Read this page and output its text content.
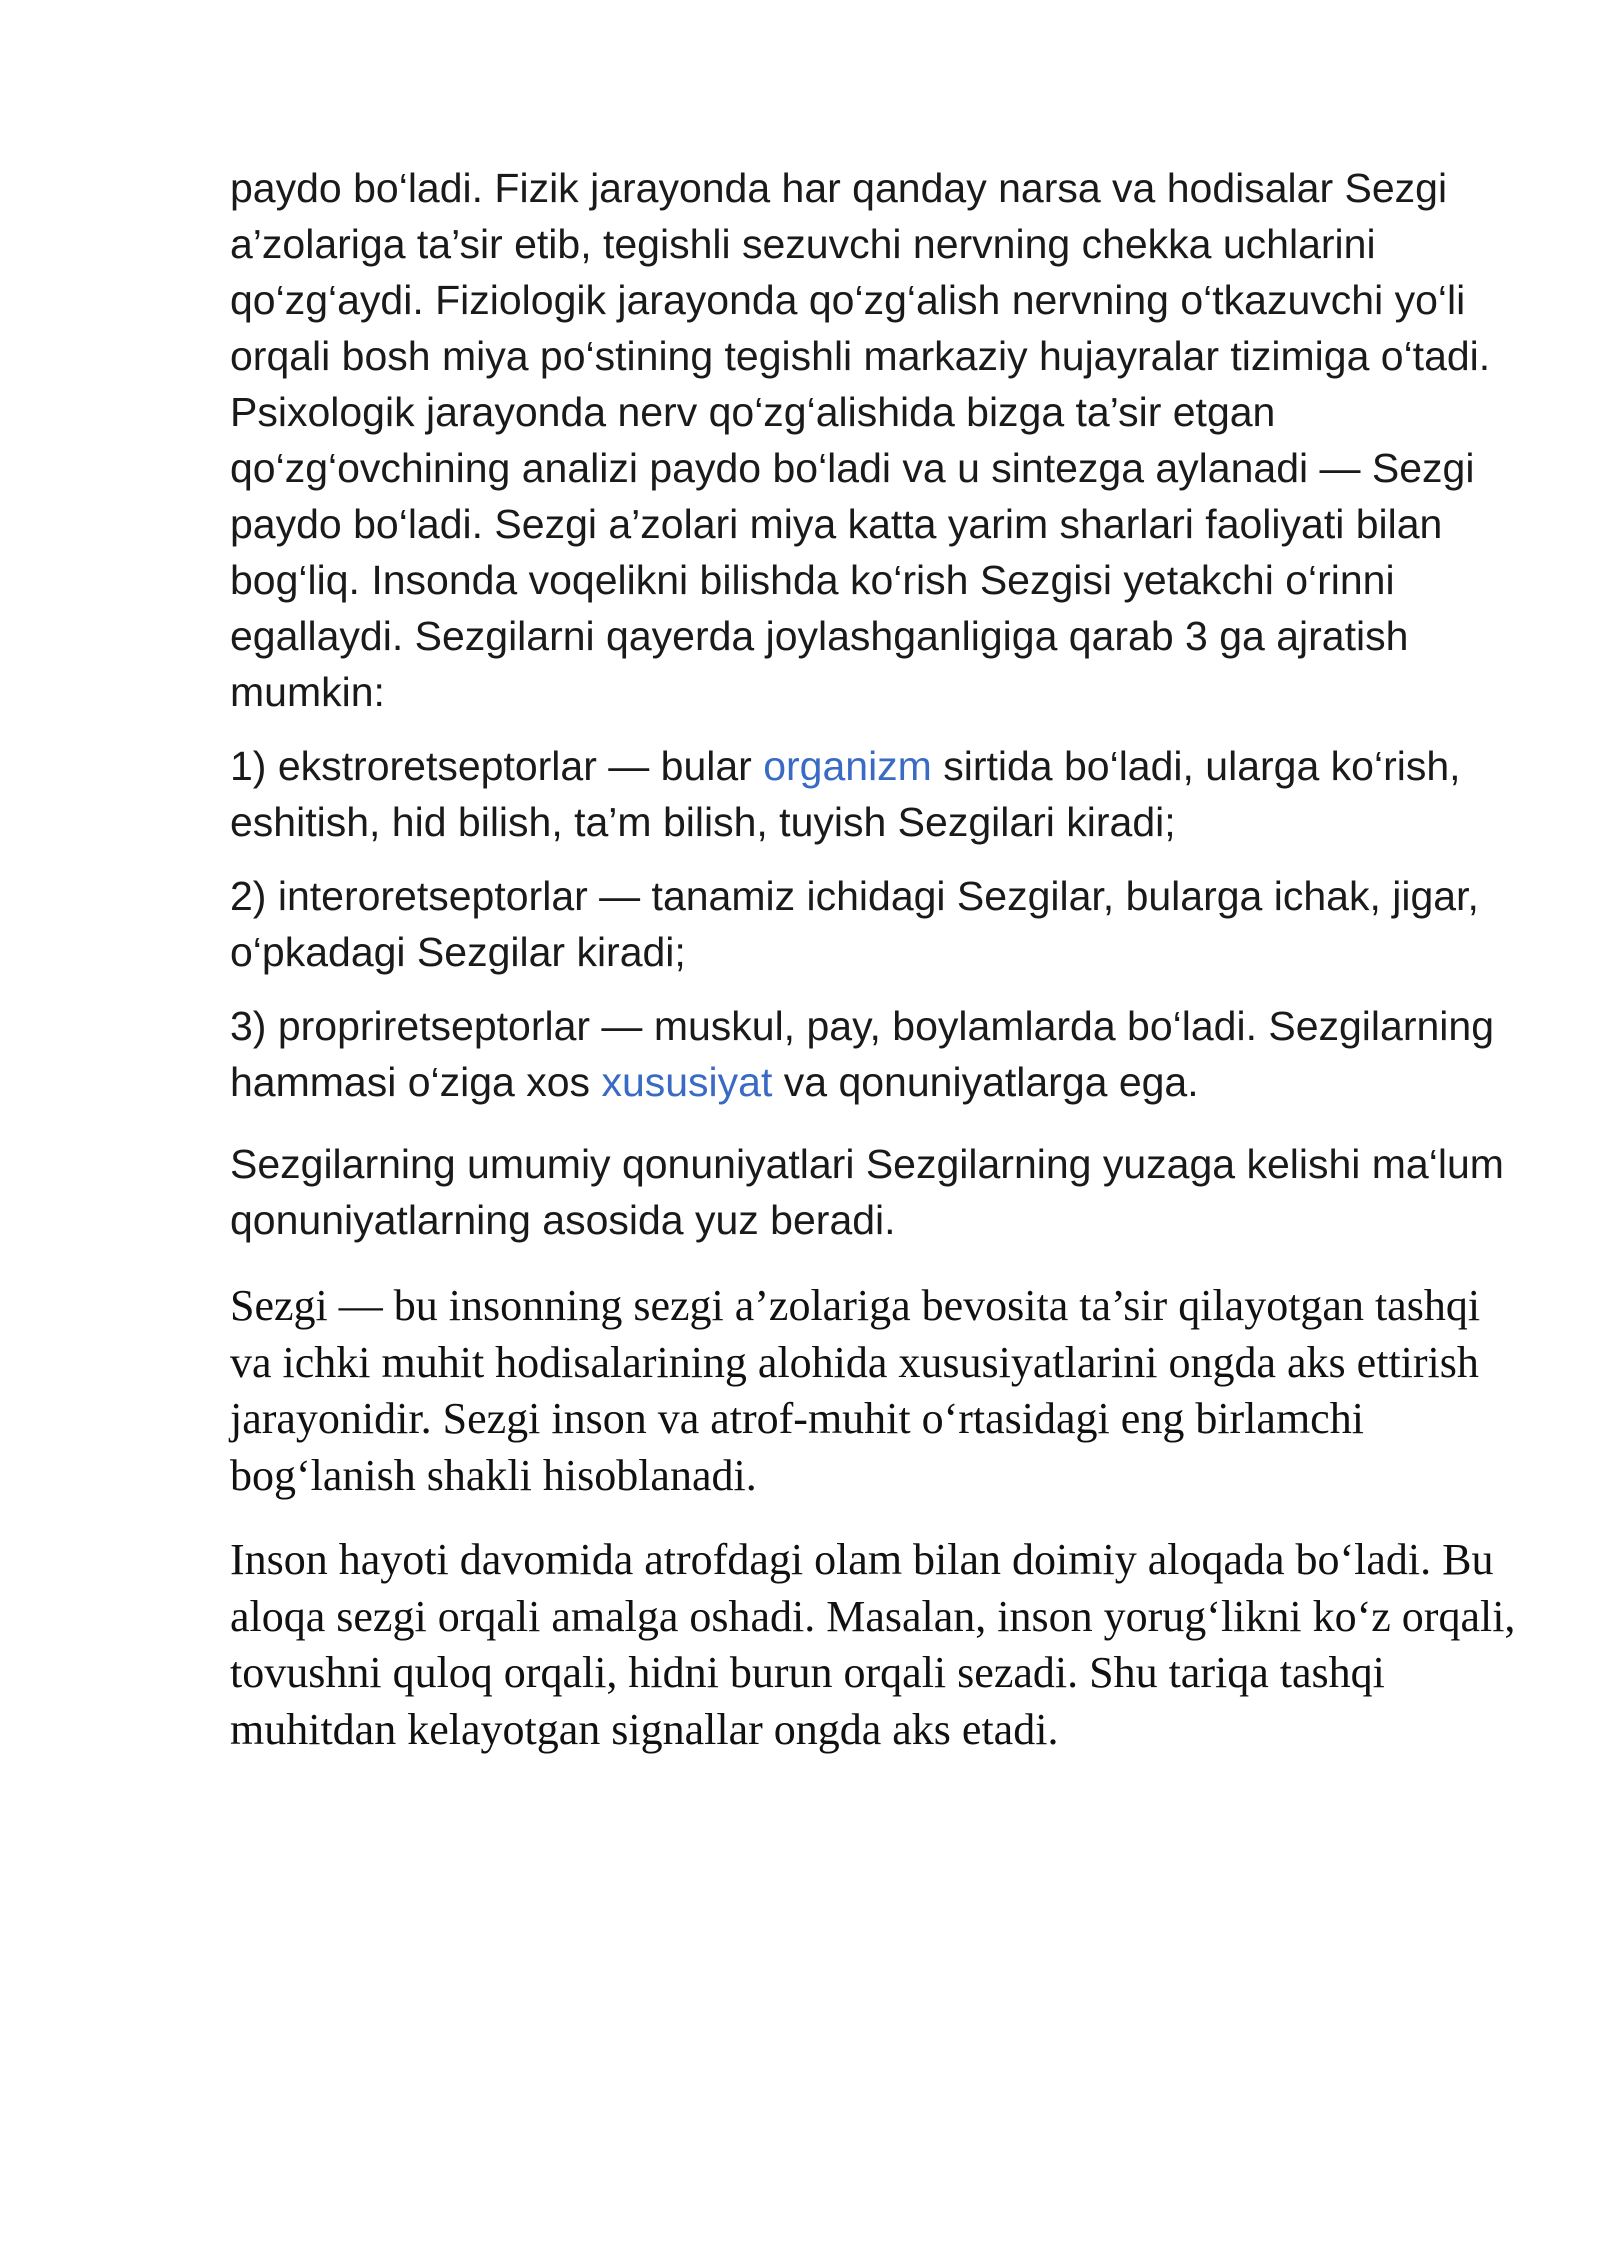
paydo bo‘ladi. Fizik jarayonda har qanday narsa va hodisalar Sezgi a’zolariga ta’sir etib, tegishli sezuvchi nervning chekka uchlarini qo‘zg‘aydi. Fiziologik jarayonda qo‘zg‘alish nervning o‘tkazuvchi yo‘li orqali bosh miya po‘stining tegishli markaziy hujayralar tizimiga o‘tadi. Psixologik jarayonda nerv qo‘zg‘alishida bizga ta’sir etgan qo‘zg‘ovchining analizi paydo bo‘ladi va u sintezga aylanadi — Sezgi paydo bo‘ladi. Sezgi a’zolari miya katta yarim sharlari faoliyati bilan bog‘liq. Insonda voqelikni bilishda ko‘rish Sezgisi yetakchi o‘rinni egallaydi. Sezgilarni qayerda joylashganligiga qarab 3 ga ajratish mumkin:

1) ekstroretseptorlar — bular organizm sirtida bo‘ladi, ularga ko‘rish, eshitish, hid bilish, ta’m bilish, tuyish Sezgilari kiradi;

2) interoretseptorlar — tanamiz ichidagi Sezgilar, bularga ichak, jigar, o‘pkadagi Sezgilar kiradi;

3) propriretseptorlar — muskul, pay, boylamlarda bo‘ladi. Sezgilarning hammasi o‘ziga xos xususiyat va qonuniyatlarga ega.

Sezgilarning umumiy qonuniyatlari Sezgilarning yuzaga kelishi ma‘lum qonuniyatlarning asosida yuz beradi.

Sezgi — bu insonning sezgi a’zolariga bevosita ta’sir qilayotgan tashqi va ichki muhit hodisalarining alohida xususiyatlarini ongda aks ettirish jarayonidir. Sezgi inson va atrof-muhit o‘rtasidagi eng birlamchi bog‘lanish shakli hisoblanadi.

Inson hayoti davomida atrofdagi olam bilan doimiy aloqada bo‘ladi. Bu aloqa sezgi orqali amalga oshadi. Masalan, inson yorug‘likni ko‘z orqali, tovushni quloq orqali, hidni burun orqali sezadi. Shu tariqa tashqi muhitdan kelayotgan signallar ongda aks etadi.
